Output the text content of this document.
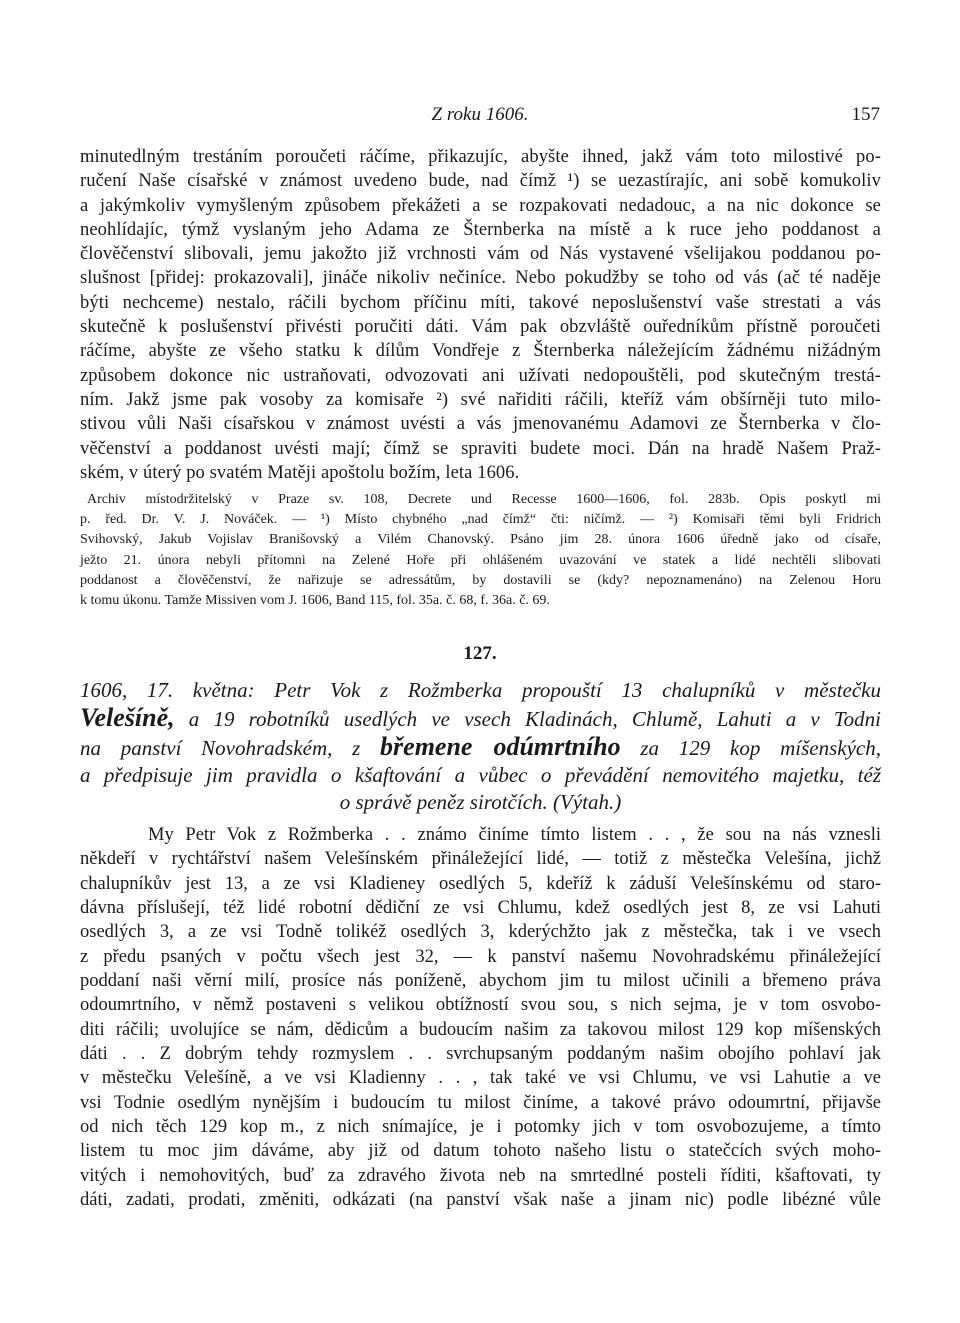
Z roku 1606.	157
minutedlným trestáním poroučeti ráčíme, přikazujíc, abyšte ihned, jakž vám toto milostivé po-
ručení Naše císařské v známost uvedeno bude, nad čímž ¹) se uezastírajíc, ani sobě komukoliv
a jakýmkoliv vymyšleným způsobem překážeti a se rozpakovati nedadouc, a na nic dokonce se
neohlídajíc, týmž vyslaným jeho Adama ze Šternberka na místě a k ruce jeho poddanost a
člověčenství slibovali, jemu jakožto již vrchnosti vám od Nás vystavené všelijakou poddanou po-
slušnost [přidej: prokazovali], jináče nikoliv nečiníce. Nebo pokudžby se toho od vás (ač té naděje
býti nechceme) nestalo, ráčili bychom příčinu míti, takové neposlušenství vaše strestati a vás
skutečně k poslušenství přivésti poručiti dáti. Vám pak obzvláště ouředníkům přístně poroučeti
ráčíme, abyšte ze všeho statku k dílům Vondřeje z Šternberka náležejícím žádnému nižádným
způsobem dokonce nic ustraňovati, odvozovati ani užívati nedopouštěli, pod skutečným trestá-
ním. Jakž jsme pak vosoby za komisaře ²) své nařiditi ráčili, kteříž vám obšírněji tuto milo-
stivou vůli Naši císařskou v známost uvésti a vás jmenovanému Adamovi ze Šternberka v člo-
věčenství a poddanost uvésti mají; čímž se spraviti budete moci. Dán na hradě Našem Praž-
ském, v úterý po svatém Matěji apoštolu božím, leta 1606.
Archiv místodržitelský v Praze sv. 108, Decrete und Recesse 1600—1606, fol. 283b. Opis poskytl mi
p. řed. Dr. V. J. Nováček. — ¹) Místo chybného „nad čímž“ čti: ničímž. — ²) Komisaři těmi byli Fridrich
Svihovský, Jakub Vojislav Branišovský a Vilém Chanovský. Psáno jim 28. února 1606 úředně jako od císaře,
ježto 21. února nebyli přítomni na Zelené Hoře při ohlášeném uvazování ve statek a lidé nechtěli slibovati
poddanost a člověčenství, že nařizuje se adressátům, by dostavili se (kdy? nepoznamenáno) na Zelenou Horu
k tomu úkonu. Tamže Missiven vom J. 1606, Band 115, fol. 35a. č. 68, f. 36a. č. 69.
127.
1606, 17. května: Petr Vok z Rožmberka propouští 13 chalupníků v městečku
Velešíně, a 19 robotníků usedlých ve vsech Kladinách, Chlumě, Lahuti a v Todni
na panství Novohradském, z břemene odúmrtního za 129 kop míšenských,
a předpisuje jim pravidla o kšaftování a vůbec o převádění nemovitého majetku, též
o správě peněz sirotčích. (Výtah.)
My Petr Vok z Rožmberka . . známo činíme tímto listem . . , že sou na nás vznesli
někdeří v rychtářství našem Velešínském přináležející lidé, — totiž z městečka Velešína, jichž
chalupníkův jest 13, a ze vsi Kladieney osedlých 5, kdeříž k záduší Velešínskému od staro-
dávna příslušejí, též lidé robotní dědiční ze vsi Chlumu, kdež osedlých jest 8, ze vsi Lahuti
osedlých 3, a ze vsi Todně tolikéž osedlých 3, kderýchžto jak z městečka, tak i ve vsech
z předu psaných v počtu všech jest 32, — k panství našemu Novohradskému přináležející
poddaní naši věrní milí, prosíce nás poníženě, abychom jim tu milost učinili a břemeno práva
odoumrtního, v němž postaveni s velikou obtížností svou sou, s nich sejma, je v tom osvobo-
diti ráčili; uvolujíce se nám, dědicům a budoucím našim za takovou milost 129 kop míšenských
dáti . . Z dobrým tehdy rozmyslem . . svrchupsaným poddaným našim obojího pohlaví jak
v městečku Velešíně, a ve vsi Kladienny . . , tak také ve vsi Chlumu, ve vsi Lahutie a ve
vsi Todnie osedlým nynějším i budoucím tu milost činíme, a takové právo odoumrtní, přijavše
od nich těch 129 kop m., z nich snímajíce, je i potomky jich v tom osvobozujeme, a tímto
listem tu moc jim dáváme, aby již od datum tohoto našeho listu o statečcích svých moho-
vitých i nemohovitých, buď za zdravého života neb na smrtedlné posteli říditi, kšaftovati, ty
dáti, zadati, prodati, změniti, odkázati (na panství však naše a jinam nic) podle libézné vůle
